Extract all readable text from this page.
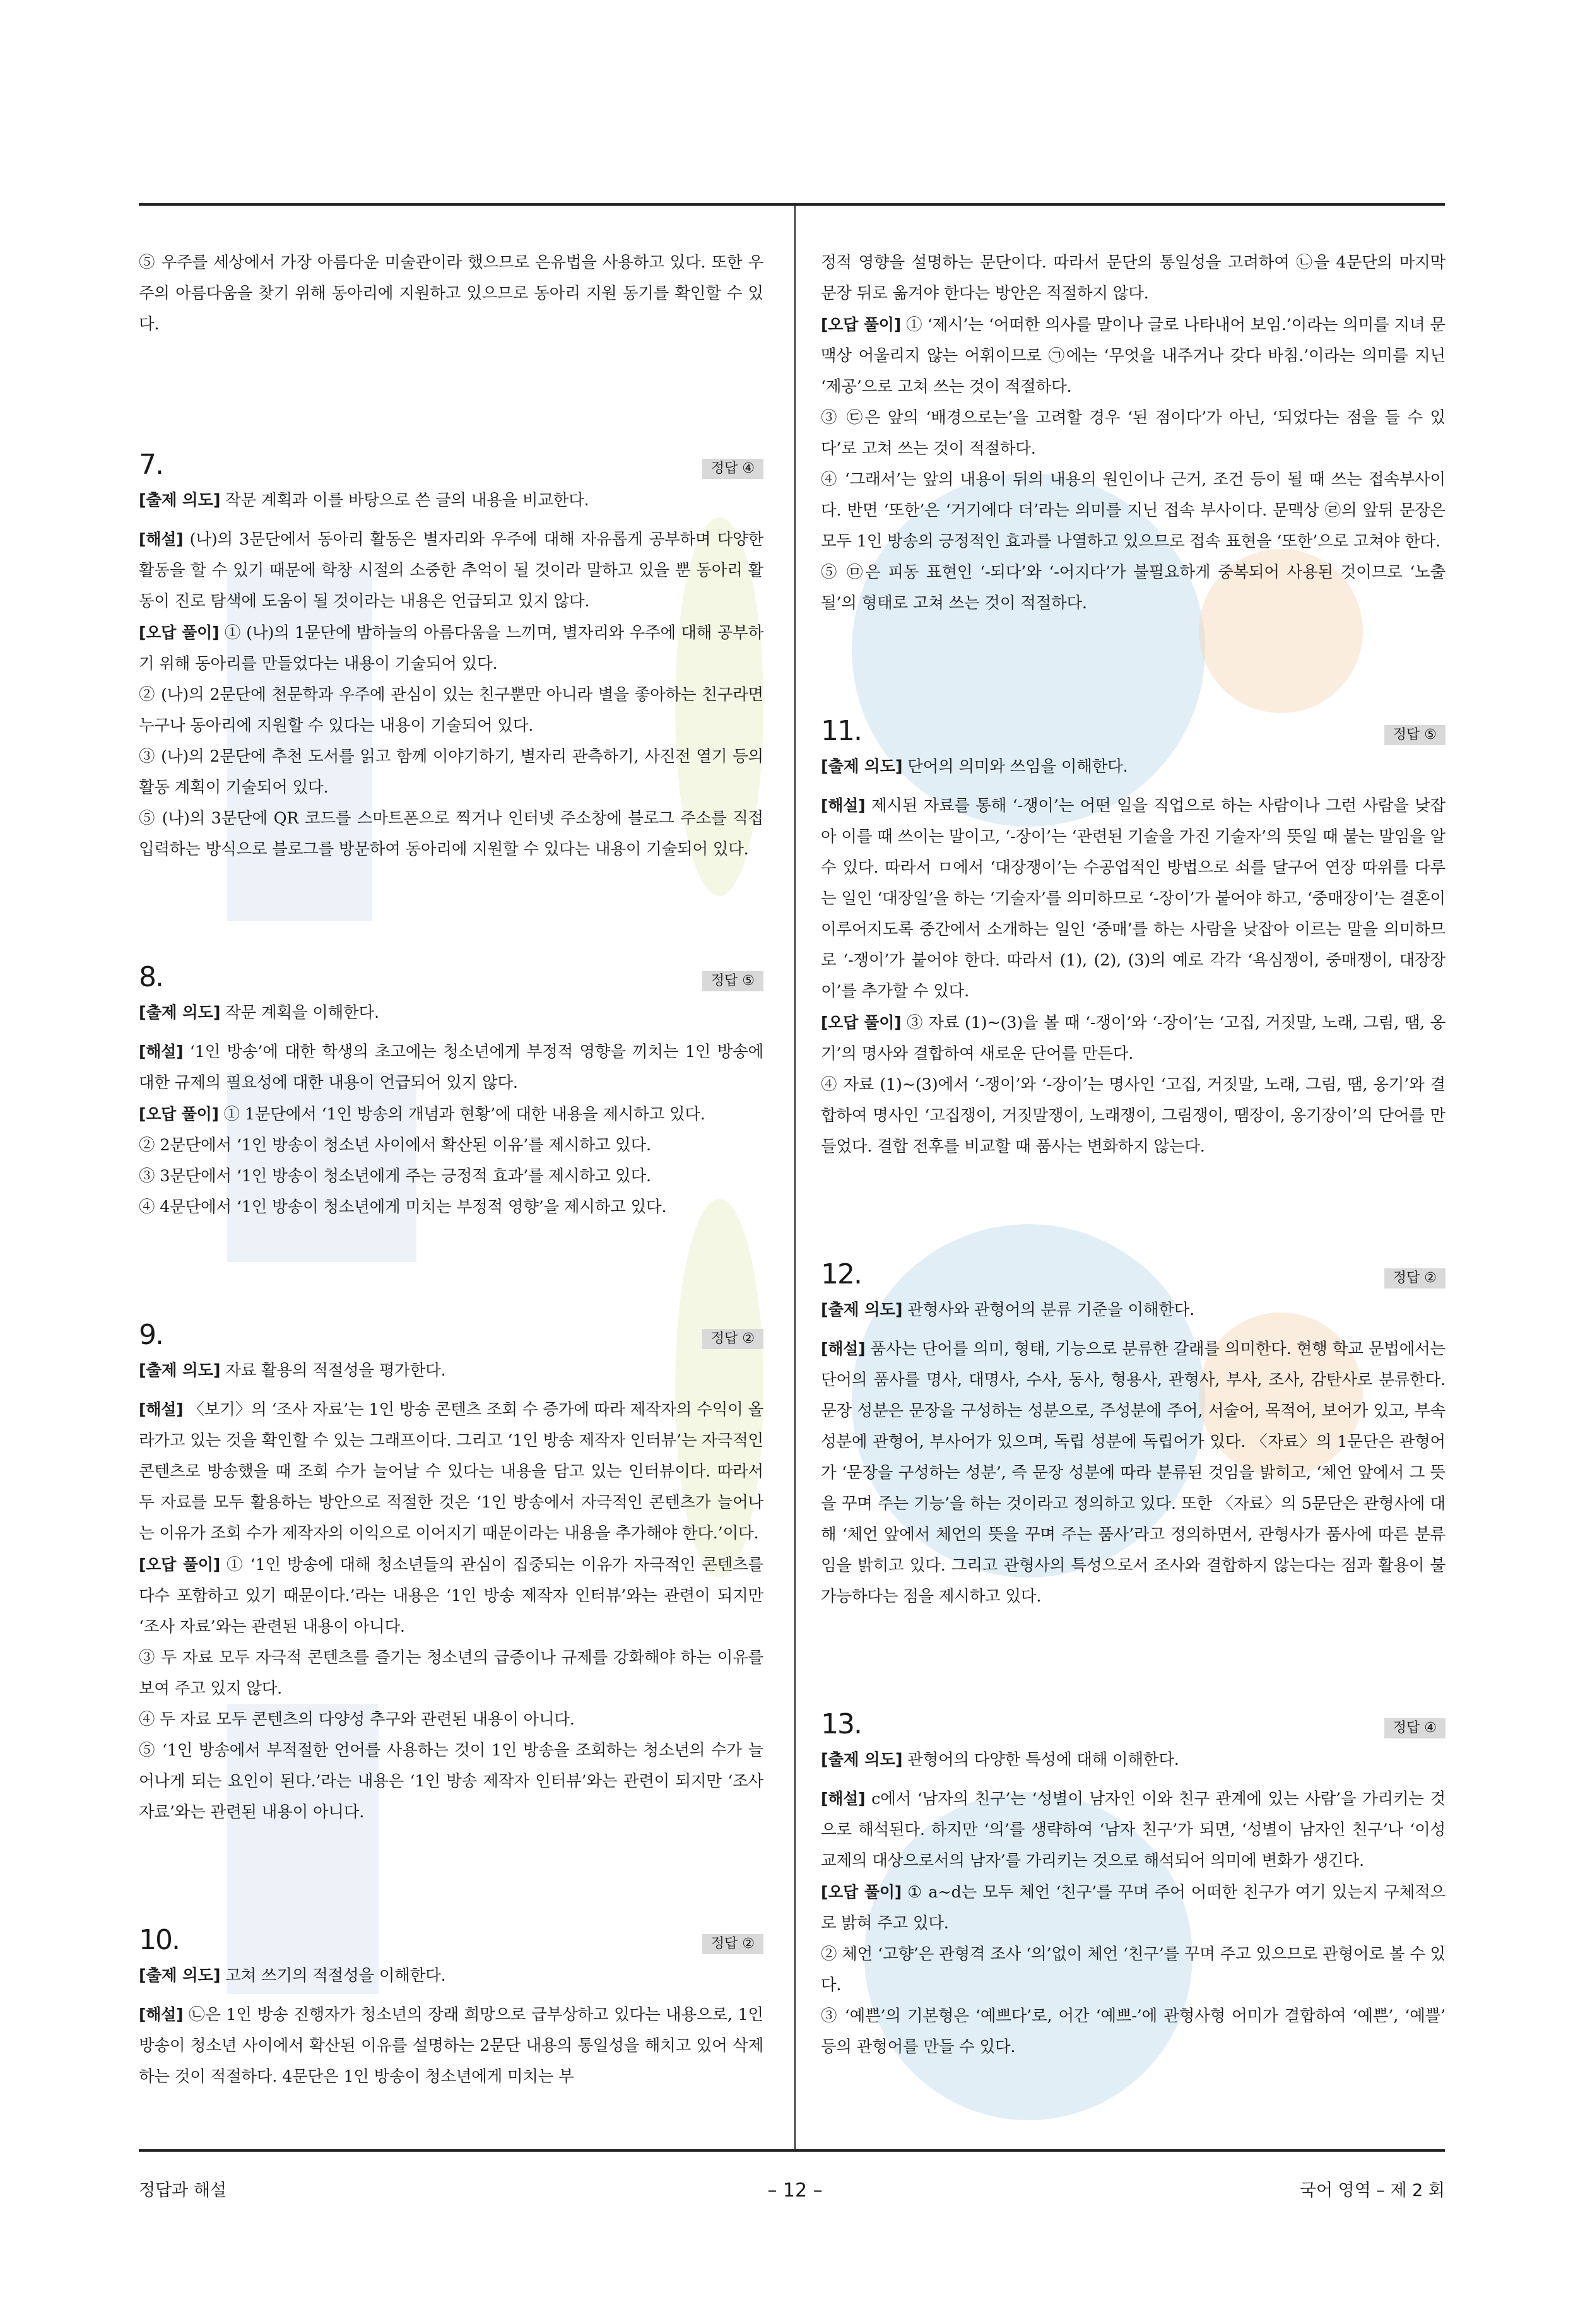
⑤ 우주를 세상에서 가장 아름다운 미술관이라 했으므로 은유법을 사용하고 있다. 또한 우주의 아름다움을 찾기 위해 동아리에 지원하고 있으므로 동아리 지원 동기를 확인할 수 있다.

7.	정답 ④

[출제 의도] 작문 계획과 이를 바탕으로 쓴 글의 내용을 비교한다.

[해설] (나)의 3문단에서 동아리 활동은 별자리와 우주에 대해 자유롭게 공부하며 다양한 활동을 할 수 있기 때문에 학창 시절의 소중한 추억이 될 것이라 말하고 있을 뿐 동아리 활동이 진로 탐색에 도움이 될 것이라는 내용은 언급되고 있지 않다.

[오답 풀이] ① (나)의 1문단에 밤하늘의 아름다움을 느끼며, 별자리와 우주에 대해 공부하기 위해 동아리를 만들었다는 내용이 기술되어 있다.

② (나)의 2문단에 천문학과 우주에 관심이 있는 친구뿐만 아니라 별을 좋아하는 친구라면 누구나 동아리에 지원할 수 있다는 내용이 기술되어 있다.

③ (나)의 2문단에 추천 도서를 읽고 함께 이야기하기, 별자리 관측하기, 사진전 열기 등의 활동 계획이 기술되어 있다.

⑤ (나)의 3문단에 QR 코드를 스마트폰으로 찍거나 인터넷 주소창에 블로그 주소를 직접 입력하는 방식으로 블로그를 방문하여 동아리에 지원할 수 있다는 내용이 기술되어 있다.

8.	정답 ⑤

[출제 의도] 작문 계획을 이해한다.

[해설] ‘1인 방송’에 대한 학생의 초고에는 청소년에게 부정적 영향을 끼치는 1인 방송에 대한 규제의 필요성에 대한 내용이 언급되어 있지 않다.

[오답 풀이] ① 1문단에서 ‘1인 방송의 개념과 현황’에 대한 내용을 제시하고 있다.

② 2문단에서 ‘1인 방송이 청소년 사이에서 확산된 이유’를 제시하고 있다.

③ 3문단에서 ‘1인 방송이 청소년에게 주는 긍정적 효과’를 제시하고 있다.

④ 4문단에서 ‘1인 방송이 청소년에게 미치는 부정적 영향’을 제시하고 있다.

9.	정답 ②

[출제 의도] 자료 활용의 적절성을 평가한다.

[해설] 〈보기〉의 ‘조사 자료’는 1인 방송 콘텐츠 조회 수 증가에 따라 제작자의 수익이 올라가고 있는 것을 확인할 수 있는 그래프이다. 그리고 ‘1인 방송 제작자 인터뷰’는 자극적인 콘텐츠로 방송했을 때 조회 수가 늘어날 수 있다는 내용을 담고 있는 인터뷰이다. 따라서 두 자료를 모두 활용하는 방안으로 적절한 것은 ‘1인 방송에서 자극적인 콘텐츠가 늘어나는 이유가 조회 수가 제작자의 이익으로 이어지기 때문이라는 내용을 추가해야 한다.’이다.

[오답 풀이] ① ‘1인 방송에 대해 청소년들의 관심이 집중되는 이유가 자극적인 콘텐츠를 다수 포함하고 있기 때문이다.’라는 내용은 ‘1인 방송 제작자 인터뷰’와는 관련이 되지만 ‘조사 자료’와는 관련된 내용이 아니다.

③ 두 자료 모두 자극적 콘텐츠를 즐기는 청소년의 급증이나 규제를 강화해야 하는 이유를 보여 주고 있지 않다.

④ 두 자료 모두 콘텐츠의 다양성 추구와 관련된 내용이 아니다.

⑤ ‘1인 방송에서 부적절한 언어를 사용하는 것이 1인 방송을 조회하는 청소년의 수가 늘어나게 되는 요인이 된다.’라는 내용은 ‘1인 방송 제작자 인터뷰’와는 관련이 되지만 ‘조사 자료’와는 관련된 내용이 아니다.

10.	정답 ②

[출제 의도] 고쳐 쓰기의 적절성을 이해한다.

[해설] ㉡은 1인 방송 진행자가 청소년의 장래 희망으로 급부상하고 있다는 내용으로, 1인 방송이 청소년 사이에서 확산된 이유를 설명하는 2문단 내용의 통일성을 해치고 있어 삭제하는 것이 적절하다. 4문단은 1인 방송이 청소년에게 미치는 부

정적 영향을 설명하는 문단이다. 따라서 문단의 통일성을 고려하여 ㉡을 4문단의 마지막 문장 뒤로 옮겨야 한다는 방안은 적절하지 않다.

[오답 풀이] ① ‘제시’는 ‘어떠한 의사를 말이나 글로 나타내어 보임.’이라는 의미를 지녀 문맥상 어울리지 않는 어휘이므로 ㉠에는 ‘무엇을 내주거나 갖다 바침.’이라는 의미를 지닌 ‘제공’으로 고쳐 쓰는 것이 적절하다.

③ ㉢은 앞의 ‘배경으로는’을 고려할 경우 ‘된 점이다’가 아닌, ‘되었다는 점을 들 수 있다’로 고쳐 쓰는 것이 적절하다.

④ ‘그래서’는 앞의 내용이 뒤의 내용의 원인이나 근거, 조건 등이 될 때 쓰는 접속부사이다. 반면 ‘또한’은 ‘거기에다 더’라는 의미를 지닌 접속 부사이다. 문맥상 ㉣의 앞뒤 문장은 모두 1인 방송의 긍정적인 효과를 나열하고 있으므로 접속 표현을 ‘또한’으로 고쳐야 한다.

⑤ ㉤은 피동 표현인 ‘-되다’와 ‘-어지다’가 불필요하게 중복되어 사용된 것이므로 ‘노출될’의 형태로 고쳐 쓰는 것이 적절하다.

11.	정답 ⑤

[출제 의도] 단어의 의미와 쓰임을 이해한다.

[해설] 제시된 자료를 통해 ‘-쟁이’는 어떤 일을 직업으로 하는 사람이나 그런 사람을 낮잡아 이를 때 쓰이는 말이고, ‘-장이’는 ‘관련된 기술을 가진 기술자’의 뜻일 때 붙는 말임을 알 수 있다. 따라서 ㅁ에서 ‘대장쟁이’는 수공업적인 방법으로 쇠를 달구어 연장 따위를 다루는 일인 ‘대장일’을 하는 ‘기술자’를 의미하므로 ‘-장이’가 붙어야 하고, ‘중매장이’는 결혼이 이루어지도록 중간에서 소개하는 일인 ‘중매’를 하는 사람을 낮잡아 이르는 말을 의미하므로 ‘-쟁이’가 붙어야 한다. 따라서 (1), (2), (3)의 예로 각각 ‘욕심쟁이, 중매쟁이, 대장장이’를 추가할 수 있다.

[오답 풀이] ③ 자료 (1)~(3)을 볼 때 ‘-쟁이’와 ‘-장이’는 ‘고집, 거짓말, 노래, 그림, 땜, 옹기’의 명사와 결합하여 새로운 단어를 만든다.

④ 자료 (1)~(3)에서 ‘-쟁이’와 ‘-장이’는 명사인 ‘고집, 거짓말, 노래, 그림, 땜, 옹기’와 결합하여 명사인 ‘고집쟁이, 거짓말쟁이, 노래쟁이, 그림쟁이, 땜장이, 옹기장이’의 단어를 만들었다. 결합 전후를 비교할 때 품사는 변화하지 않는다.

12.	정답 ②

[출제 의도] 관형사와 관형어의 분류 기준을 이해한다.

[해설] 품사는 단어를 의미, 형태, 기능으로 분류한 갈래를 의미한다. 현행 학교 문법에서는 단어의 품사를 명사, 대명사, 수사, 동사, 형용사, 관형사, 부사, 조사, 감탄사로 분류한다. 문장 성분은 문장을 구성하는 성분으로, 주성분에 주어, 서술어, 목적어, 보어가 있고, 부속 성분에 관형어, 부사어가 있으며, 독립 성분에 독립어가 있다. 〈자료〉의 1문단은 관형어가 ‘문장을 구성하는 성분’, 즉 문장 성분에 따라 분류된 것임을 밝히고, ‘체언 앞에서 그 뜻을 꾸며 주는 기능’을 하는 것이라고 정의하고 있다. 또한 〈자료〉의 5문단은 관형사에 대해 ‘체언 앞에서 체언의 뜻을 꾸며 주는 품사’라고 정의하면서, 관형사가 품사에 따른 분류임을 밝히고 있다. 그리고 관형사의 특성으로서 조사와 결합하지 않는다는 점과 활용이 불가능하다는 점을 제시하고 있다.

13.	정답 ④

[출제 의도] 관형어의 다양한 특성에 대해 이해한다.

[해설] c에서 ‘남자의 친구’는 ‘성별이 남자인 이와 친구 관계에 있는 사람’을 가리키는 것으로 해석된다. 하지만 ‘의’를 생략하여 ‘남자 친구’가 되면, ‘성별이 남자인 친구’나 ‘이성 교제의 대상으로서의 남자’를 가리키는 것으로 해석되어 의미에 변화가 생긴다.

[오답 풀이] ① a~d는 모두 체언 ‘친구’를 꾸며 주어 어떠한 친구가 여기 있는지 구체적으로 밝혀 주고 있다.

② 체언 ‘고향’은 관형격 조사 ‘의’없이 체언 ‘친구’를 꾸며 주고 있으므로 관형어로 볼 수 있다.

③ ‘예쁜’의 기본형은 ‘예쁘다’로, 어간 ‘예쁘-’에 관형사형 어미가 결합하여 ‘예쁜’, ‘예쁠’ 등의 관형어를 만들 수 있다.

정답과 해설	– 12 –	국어 영역 – 제 2 회
